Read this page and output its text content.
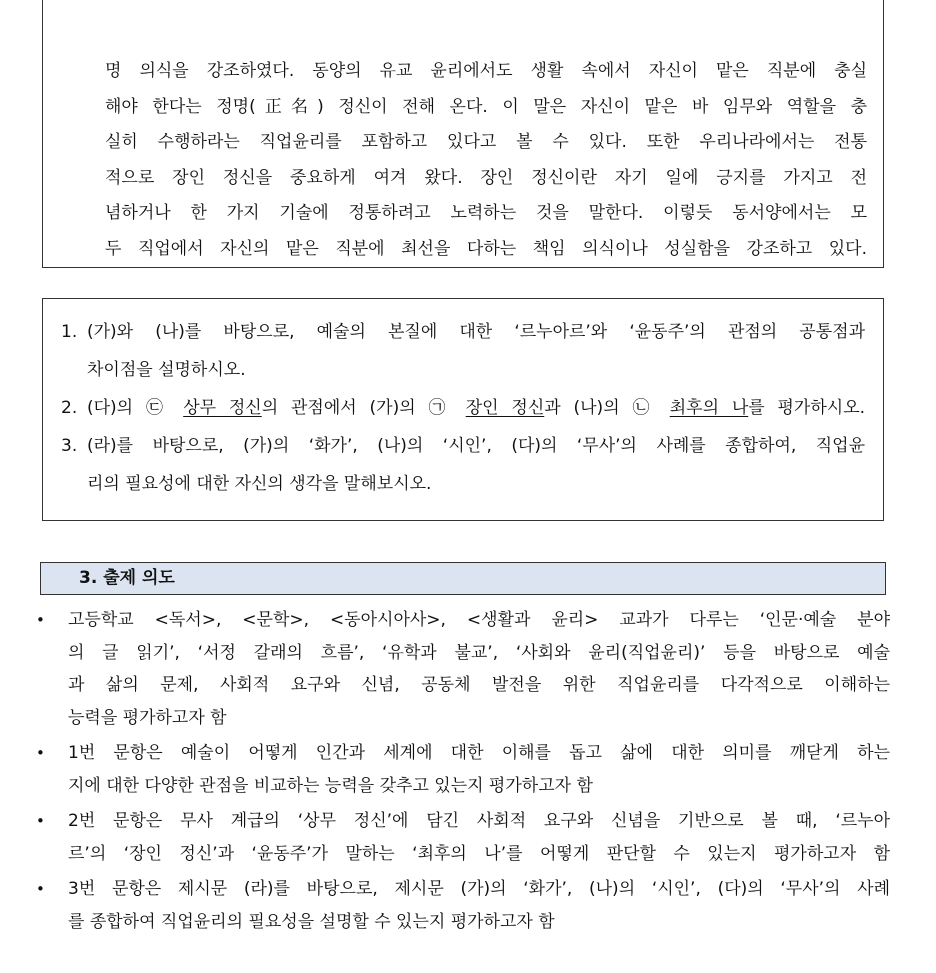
명 의식을 강조하였다. 동양의 유교 윤리에서도 생활 속에서 자신이 맡은 직분에 충실
해야 한다는 정명(正名) 정신이 전해 온다. 이 말은 자신이 맡은 바 임무와 역할을 충
실히 수행하라는 직업윤리를 포함하고 있다고 볼 수 있다. 또한 우리나라에서는 전통
적으로 장인 정신을 중요하게 여겨 왔다. 장인 정신이란 자기 일에 긍지를 가지고 전
념하거나 한 가지 기술에 정통하려고 노력하는 것을 말한다. 이렇듯 동서양에서는 모
두 직업에서 자신의 맡은 직분에 최선을 다하는 책임 의식이나 성실함을 강조하고 있다.
1. (가)와 (나)를 바탕으로, 예술의 본질에 대한 ‘르누아르’와 ‘윤동주’의 관점의 공통점과
차이점을 설명하시오.
2. (다)의 ㉢ 상무 정신의 관점에서 (가)의 ㉠ 장인 정신과 (나)의 ㉡ 최후의 나를 평가하시오.
3. (라)를 바탕으로, (가)의 ‘화가’, (나)의 ‘시인’, (다)의 ‘무사’의 사례를 종합하여, 직업윤
리의 필요성에 대한 자신의 생각을 말해보시오.
3. 출제 의도
• 고등학교 <독서>, <문학>, <동아시아사>, <생활과 윤리> 교과가 다루는 ‘인문·예술 분야
의 글 읽기’, ‘서정 갈래의 흐름’, ‘유학과 불교’, ‘사회와 윤리(직업윤리)’ 등을 바탕으로 예술
과 삶의 문제, 사회적 요구와 신념, 공동체 발전을 위한 직업윤리를 다각적으로 이해하는
능력을 평가하고자 함
• 1번 문항은 예술이 어떻게 인간과 세계에 대한 이해를 돕고 삶에 대한 의미를 깨닫게 하는
지에 대한 다양한 관점을 비교하는 능력을 갖추고 있는지 평가하고자 함
• 2번 문항은 무사 계급의 ‘상무 정신’에 담긴 사회적 요구와 신념을 기반으로 볼 때, ‘르누아
르’의 ‘장인 정신’과 ‘윤동주’가 말하는 ‘최후의 나’를 어떻게 판단할 수 있는지 평가하고자 함
• 3번 문항은 제시문 (라)를 바탕으로, 제시문 (가)의 ‘화가’, (나)의 ‘시인’, (다)의 ‘무사’의 사례
를 종합하여 직업윤리의 필요성을 설명할 수 있는지 평가하고자 함
